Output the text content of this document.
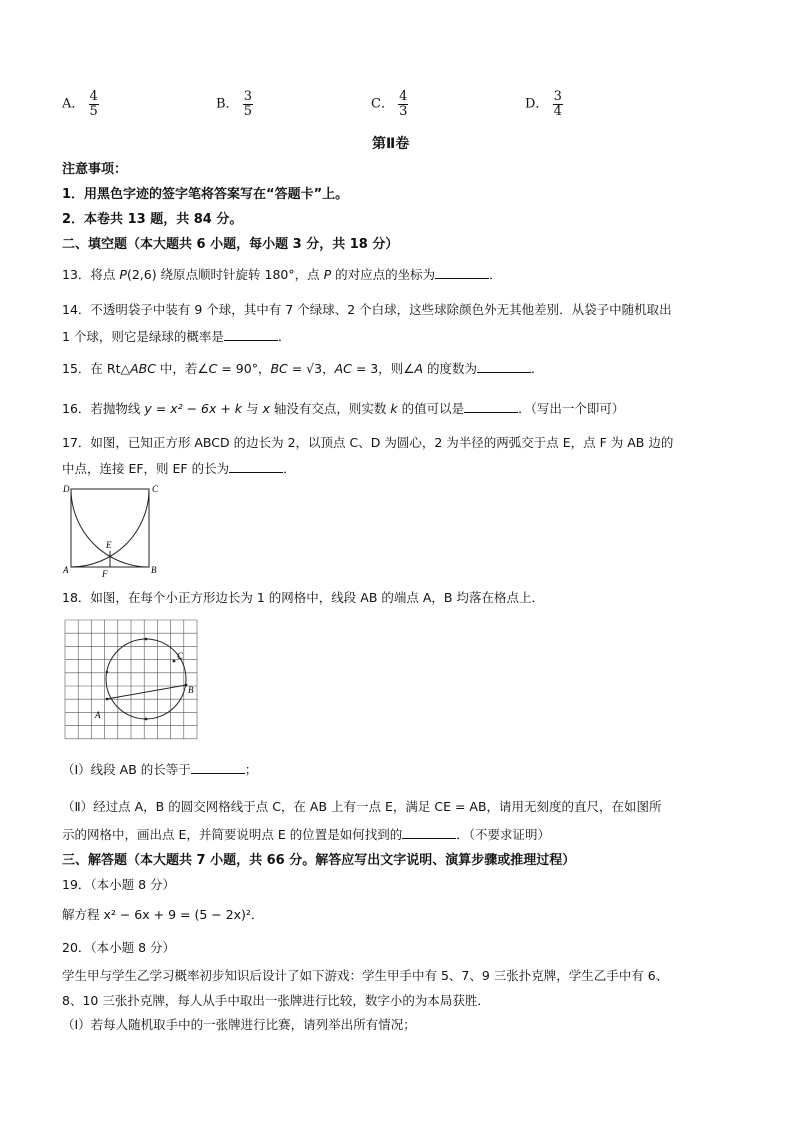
A． $\frac{4}{5}$	B． $\frac{3}{5}$	C． $\frac{4}{3}$	D． $\frac{3}{4}$
第Ⅱ卷
注意事项：
1．用黑色字迹的签字笔将答案写在“答题卡”上。
2．本卷共 13 题，共 84 分。
二、填空题（本大题共 6 小题，每小题 3 分，共 18 分）
13．将点 P(2,6) 绕原点顺时针旋转 180°，点 P 的对应点的坐标为	．
14．不透明袋子中装有 9 个球，其中有 7 个绿球、2 个白球，这些球除颜色外无其他差别．从袋子中随机取出
1 个球，则它是绿球的概率是	．
15．在 Rt△ABC 中，若∠C = 90°，BC = √3，AC = 3，则∠A 的度数为	．
16．若抛物线 y = x² − 6x + k 与 x 轴没有交点，则实数 k 的值可以是	．（写出一个即可）
17．如图，已知正方形 ABCD 的边长为 2，以顶点 C、D 为圆心，2 为半径的两弧交于点 E，点 F 为 AB 边的
中点，连接 EF，则 EF 的长为	．
D	C
A	B
E
F
18．如图，在每个小正方形边长为 1 的网格中，线段 AB 的端点 A，B 均落在格点上．
A
B
C
（Ⅰ）线段 AB 的长等于	；
（Ⅱ）经过点 A，B 的圆交网格线于点 C，在 AB 上有一点 E，满足 CE = AB，请用无刻度的直尺，在如图所
示的网格中，画出点 E，并简要说明点 E 的位置是如何找到的	．（不要求证明）
三、解答题（本大题共 7 小题，共 66 分。解答应写出文字说明、演算步骤或推理过程）
19．（本小题 8 分）
解方程 x² − 6x + 9 = (5 − 2x)²．
20．（本小题 8 分）
学生甲与学生乙学习概率初步知识后设计了如下游戏：学生甲手中有 5、7、9 三张扑克牌，学生乙手中有 6、
8、10 三张扑克牌，每人从手中取出一张牌进行比较，数字小的为本局获胜．
（Ⅰ）若每人随机取手中的一张牌进行比赛，请列举出所有情况；
